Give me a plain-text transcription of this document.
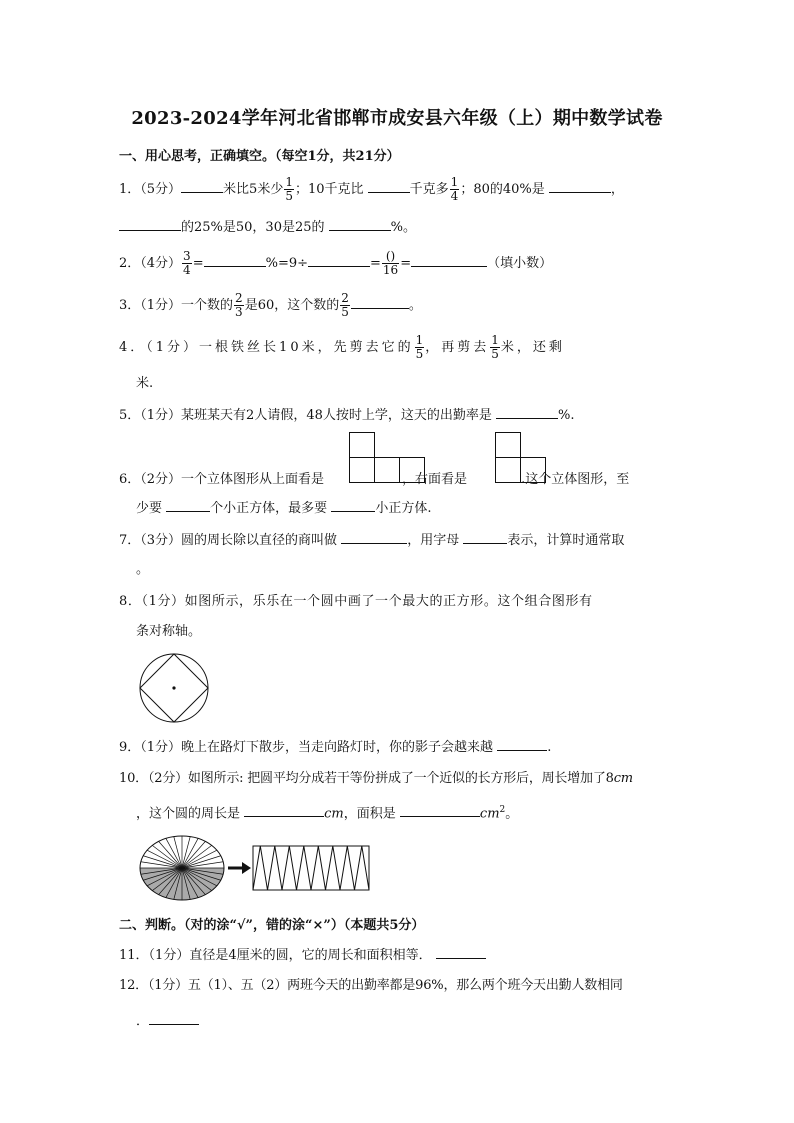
2023-2024学年河北省邯郸市成安县六年级（上）期中数学试卷
一、用心思考，正确填空。（每空1分，共21分）
1．（5分）	米比5米少 $\frac{1}{5}$ ；10千克比	千克多 $\frac{1}{4}$ ；80的40%是	，
的25%是50，30是25的	%。
2．（4分） $\frac{3}{4}$ =	%=9÷	= $\frac{()}{16}$ =	（填小数）
3．（1分）一个数的 $\frac{2}{3}$ 是60，这个数的 $\frac{2}{5}$	。
4．（1分）一根铁丝长10米，先剪去它的 $\frac{1}{5}$ ，再剪去 $\frac{1}{5}$ 米，还剩
米.
5．（1分）某班某天有2人请假，48人按时上学，这天的出勤率是	%.
6．（2分）一个立体图形从上面看是	，右面看是	.这个立体图形，至
少要	个小正方体，最多要	小正方体.
7．（3分）圆的周长除以直径的商叫做	，用字母	表示，计算时通常取
。
8．（1分）如图所示，乐乐在一个圆中画了一个最大的正方形。这个组合图形有
条对称轴。
9．（1分）晚上在路灯下散步，当走向路灯时，你的影子会越来越	.
10．（2分）如图所示: 把圆平均分成若干等份拼成了一个近似的长方形后，周长增加了8cm
，这个圆的周长是	cm，面积是	$cm^2$。
二、判断。（对的涂“√”，错的涂“×”）（本题共5分）
11．（1分）直径是4厘米的圆，它的周长和面积相等．
12．（1分）五（1）、五（2）两班今天的出勤率都是96%，那么两个班今天出勤人数相同
．
